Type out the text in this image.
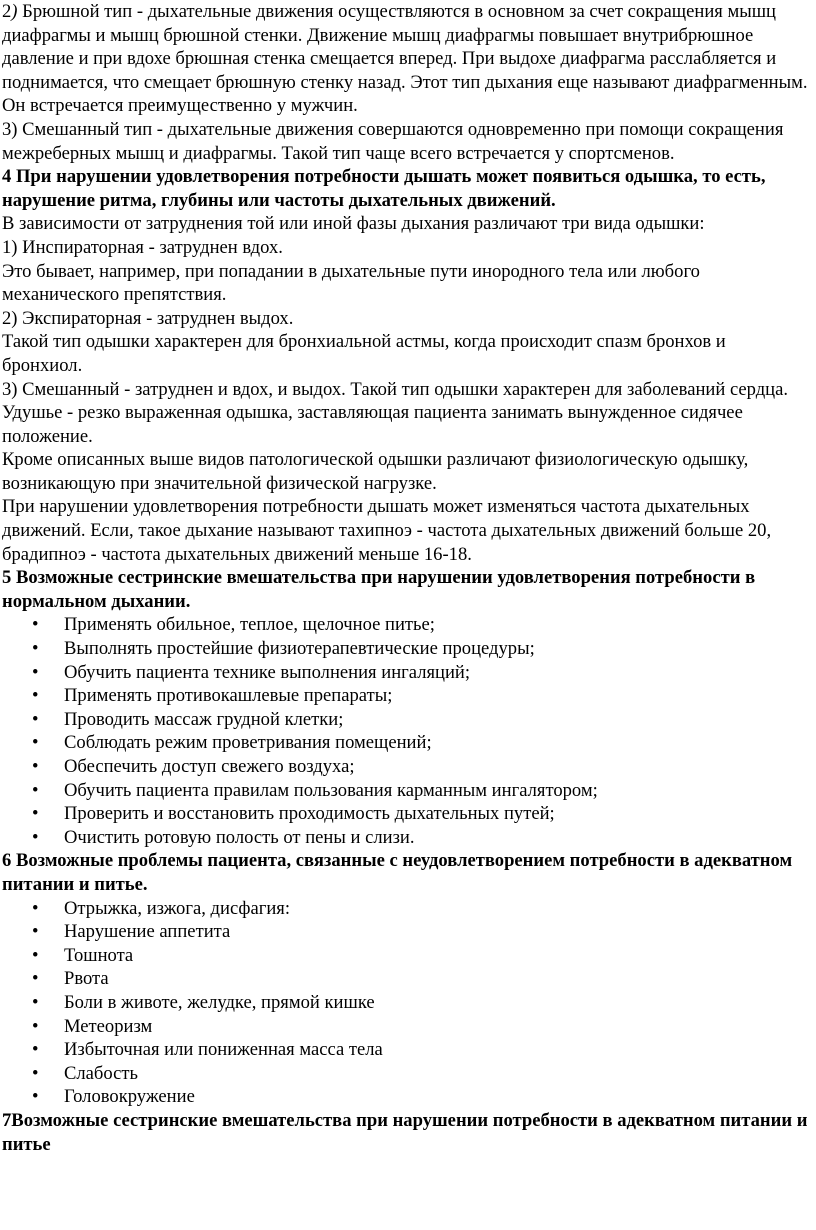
2) Брюшной тип - дыхательные движения осуществляются в основном за счет сокращения мышц диафрагмы и мышц брюшной стенки. Движение мышц диафрагмы повышает внутрибрюшное давление и при вдохе брюшная стенка смещается вперед. При выдохе диафрагма расслабляется и поднимается, что смещает брюшную стенку назад. Этот тип дыхания еще называют диафрагменным. Он встречается преимущественно у мужчин.

3) Смешанный тип - дыхательные движения совершаются одновременно при помощи сокращения межреберных мышц и диафрагмы. Такой тип чаще всего встречается у спортсменов.

4 При нарушении удовлетворения потребности дышать может появиться одышка, то есть, нарушение ритма, глубины или частоты дыхательных движений.

В зависимости от затруднения той или иной фазы дыхания различают три вида одышки:

1) Инспираторная - затруднен вдох.

Это бывает, например, при попадании в дыхательные пути инородного тела или любого механического препятствия.

2) Экспираторная - затруднен выдох.

Такой тип одышки характерен для бронхиальной астмы, когда происходит спазм бронхов и бронхиол.

3) Смешанный - затруднен и вдох, и выдох. Такой тип одышки характерен для заболеваний сердца.

Удушье - резко выраженная одышка, заставляющая пациента занимать вынужденное сидячее положение.

Кроме описанных выше видов патологической одышки различают физиологическую одышку, возникающую при значительной физической нагрузке.

При нарушении удовлетворения потребности дышать может изменяться частота дыхательных движений. Если, такое дыхание называют тахипноэ - частота дыхательных движений больше 20, брадипноэ - частота дыхательных движений меньше 16-18.

5 Возможные сестринские вмешательства при нарушении удовлетворения потребности в нормальном дыхании.

• Применять обильное, теплое, щелочное питье;
• Выполнять простейшие физиотерапевтические процедуры;
• Обучить пациента технике выполнения ингаляций;
• Применять противокашлевые препараты;
• Проводить массаж грудной клетки;
• Соблюдать режим проветривания помещений;
• Обеспечить доступ свежего воздуха;
• Обучить пациента правилам пользования карманным ингалятором;
• Проверить и восстановить проходимость дыхательных путей;
• Очистить ротовую полость от пены и слизи.

6 Возможные проблемы пациента, связанные с неудовлетворением потребности в адекватном питании и питье.

• Отрыжка, изжога, дисфагия:
• Нарушение аппетита
• Тошнота
• Рвота
• Боли в животе, желудке, прямой кишке
• Метеоризм
• Избыточная или пониженная масса тела
• Слабость
• Головокружение

7Возможные сестринские вмешательства при нарушении потребности в адекватном питании и питье
